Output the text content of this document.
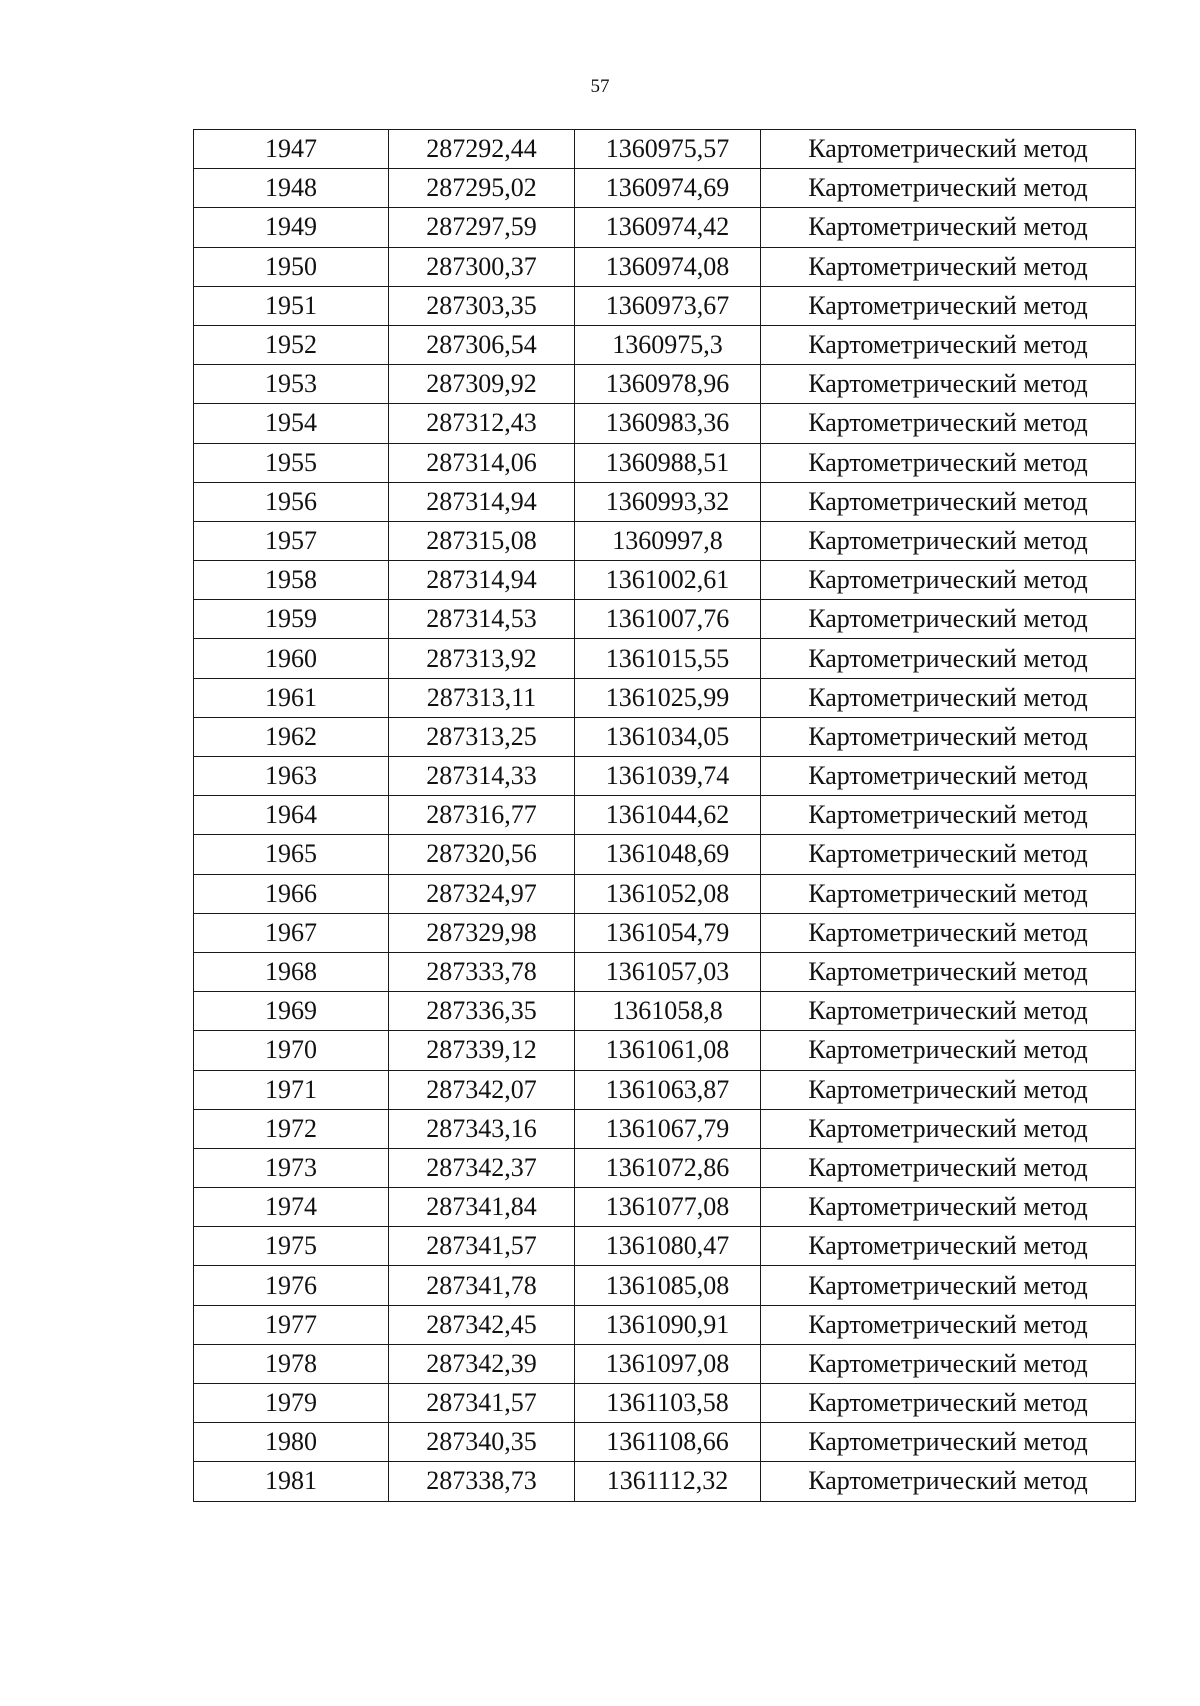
57
1947	287292,44	1360975,57	Картометрический метод
1948	287295,02	1360974,69	Картометрический метод
1949	287297,59	1360974,42	Картометрический метод
1950	287300,37	1360974,08	Картометрический метод
1951	287303,35	1360973,67	Картометрический метод
1952	287306,54	1360975,3	Картометрический метод
1953	287309,92	1360978,96	Картометрический метод
1954	287312,43	1360983,36	Картометрический метод
1955	287314,06	1360988,51	Картометрический метод
1956	287314,94	1360993,32	Картометрический метод
1957	287315,08	1360997,8	Картометрический метод
1958	287314,94	1361002,61	Картометрический метод
1959	287314,53	1361007,76	Картометрический метод
1960	287313,92	1361015,55	Картометрический метод
1961	287313,11	1361025,99	Картометрический метод
1962	287313,25	1361034,05	Картометрический метод
1963	287314,33	1361039,74	Картометрический метод
1964	287316,77	1361044,62	Картометрический метод
1965	287320,56	1361048,69	Картометрический метод
1966	287324,97	1361052,08	Картометрический метод
1967	287329,98	1361054,79	Картометрический метод
1968	287333,78	1361057,03	Картометрический метод
1969	287336,35	1361058,8	Картометрический метод
1970	287339,12	1361061,08	Картометрический метод
1971	287342,07	1361063,87	Картометрический метод
1972	287343,16	1361067,79	Картометрический метод
1973	287342,37	1361072,86	Картометрический метод
1974	287341,84	1361077,08	Картометрический метод
1975	287341,57	1361080,47	Картометрический метод
1976	287341,78	1361085,08	Картометрический метод
1977	287342,45	1361090,91	Картометрический метод
1978	287342,39	1361097,08	Картометрический метод
1979	287341,57	1361103,58	Картометрический метод
1980	287340,35	1361108,66	Картометрический метод
1981	287338,73	1361112,32	Картометрический метод
